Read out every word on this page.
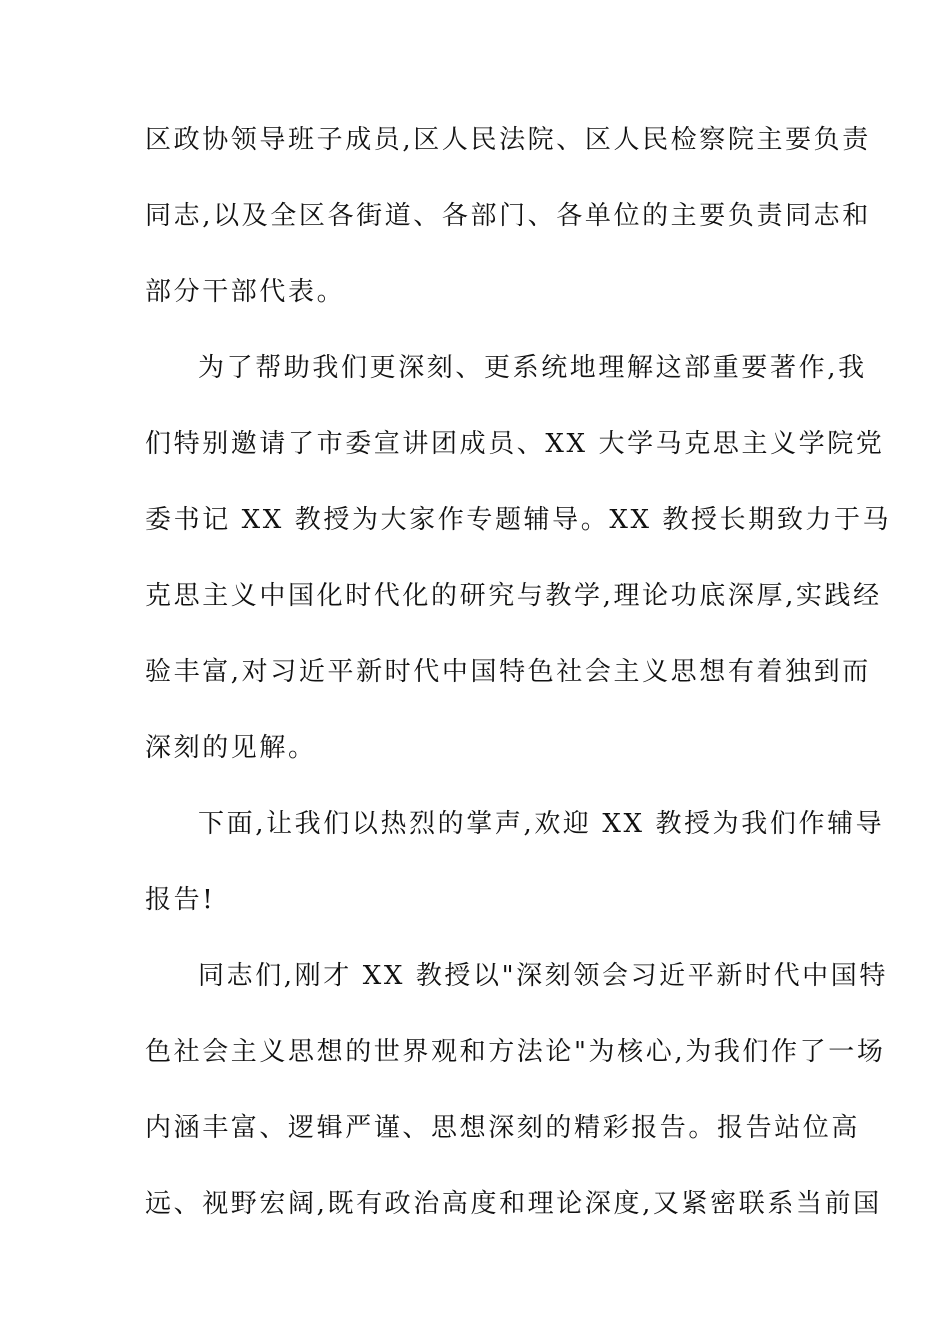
区政协领导班子成员,区人民法院、区人民检察院主要负责
同志,以及全区各街道、各部门、各单位的主要负责同志和
部分干部代表。
为了帮助我们更深刻、更系统地理解这部重要著作,我
们特别邀请了市委宣讲团成员、XX 大学马克思主义学院党
委书记 XX 教授为大家作专题辅导。XX 教授长期致力于马
克思主义中国化时代化的研究与教学,理论功底深厚,实践经
验丰富,对习近平新时代中国特色社会主义思想有着独到而
深刻的见解。
下面,让我们以热烈的掌声,欢迎 XX 教授为我们作辅导
报告!
同志们,刚才 XX 教授以"深刻领会习近平新时代中国特
色社会主义思想的世界观和方法论"为核心,为我们作了一场
内涵丰富、逻辑严谨、思想深刻的精彩报告。报告站位高
远、视野宏阔,既有政治高度和理论深度,又紧密联系当前国
